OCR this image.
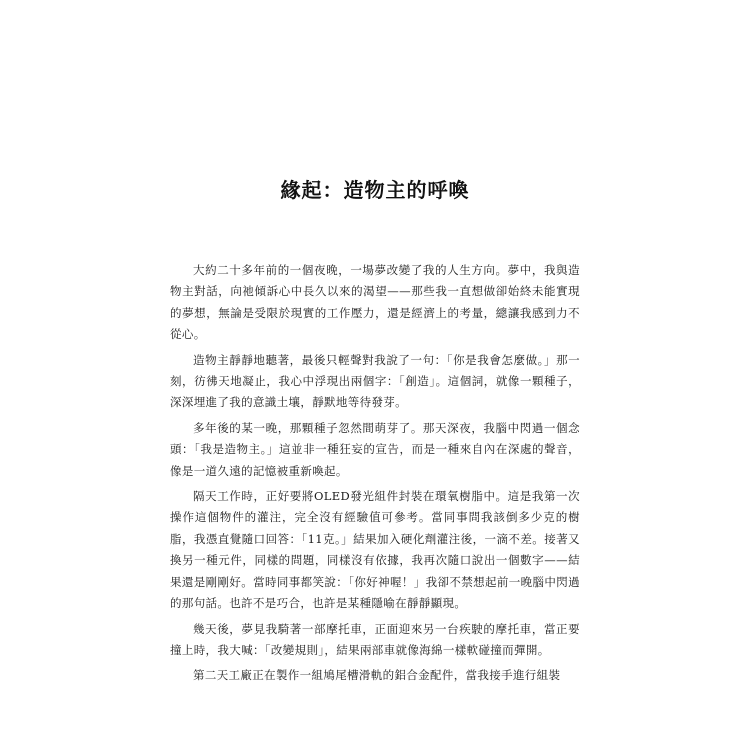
緣起：造物主的呼喚

大約二十多年前的一個夜晚，一場夢改變了我的人生方向。夢中，我與造物主對話，向祂傾訴心中長久以來的渴望——那些我一直想做卻始終未能實現的夢想，無論是受限於現實的工作壓力，還是經濟上的考量，總讓我感到力不從心。

造物主靜靜地聽著，最後只輕聲對我說了一句：「你是我會怎麼做。」那一刻，彷彿天地凝止，我心中浮現出兩個字：「創造」。這個詞，就像一顆種子，深深埋進了我的意識土壤，靜默地等待發芽。

多年後的某一晚，那顆種子忽然間萌芽了。那天深夜，我腦中閃過一個念頭：「我是造物主。」這並非一種狂妄的宣告，而是一種來自內在深處的聲音，像是一道久遠的記憶被重新喚起。

隔天工作時，正好要將OLED發光組件封裝在環氧樹脂中。這是我第一次操作這個物件的灌注，完全沒有經驗值可參考。當同事問我該倒多少克的樹脂，我憑直覺隨口回答：「11克。」結果加入硬化劑灌注後，一滴不差。接著又換另一種元件，同樣的問題，同樣沒有依據，我再次隨口說出一個數字——結果還是剛剛好。當時同事都笑說：「你好神喔！」我卻不禁想起前一晚腦中閃過的那句話。也許不是巧合，也許是某種隱喻在靜靜顯現。

幾天後，夢見我騎著一部摩托車，正面迎來另一台疾駛的摩托車，當正要撞上時，我大喊：「改變規則」，結果兩部車就像海綿一樣軟碰撞而彈開。

第二天工廠正在製作一組鳩尾槽滑軌的鋁合金配件，當我接手進行組裝
